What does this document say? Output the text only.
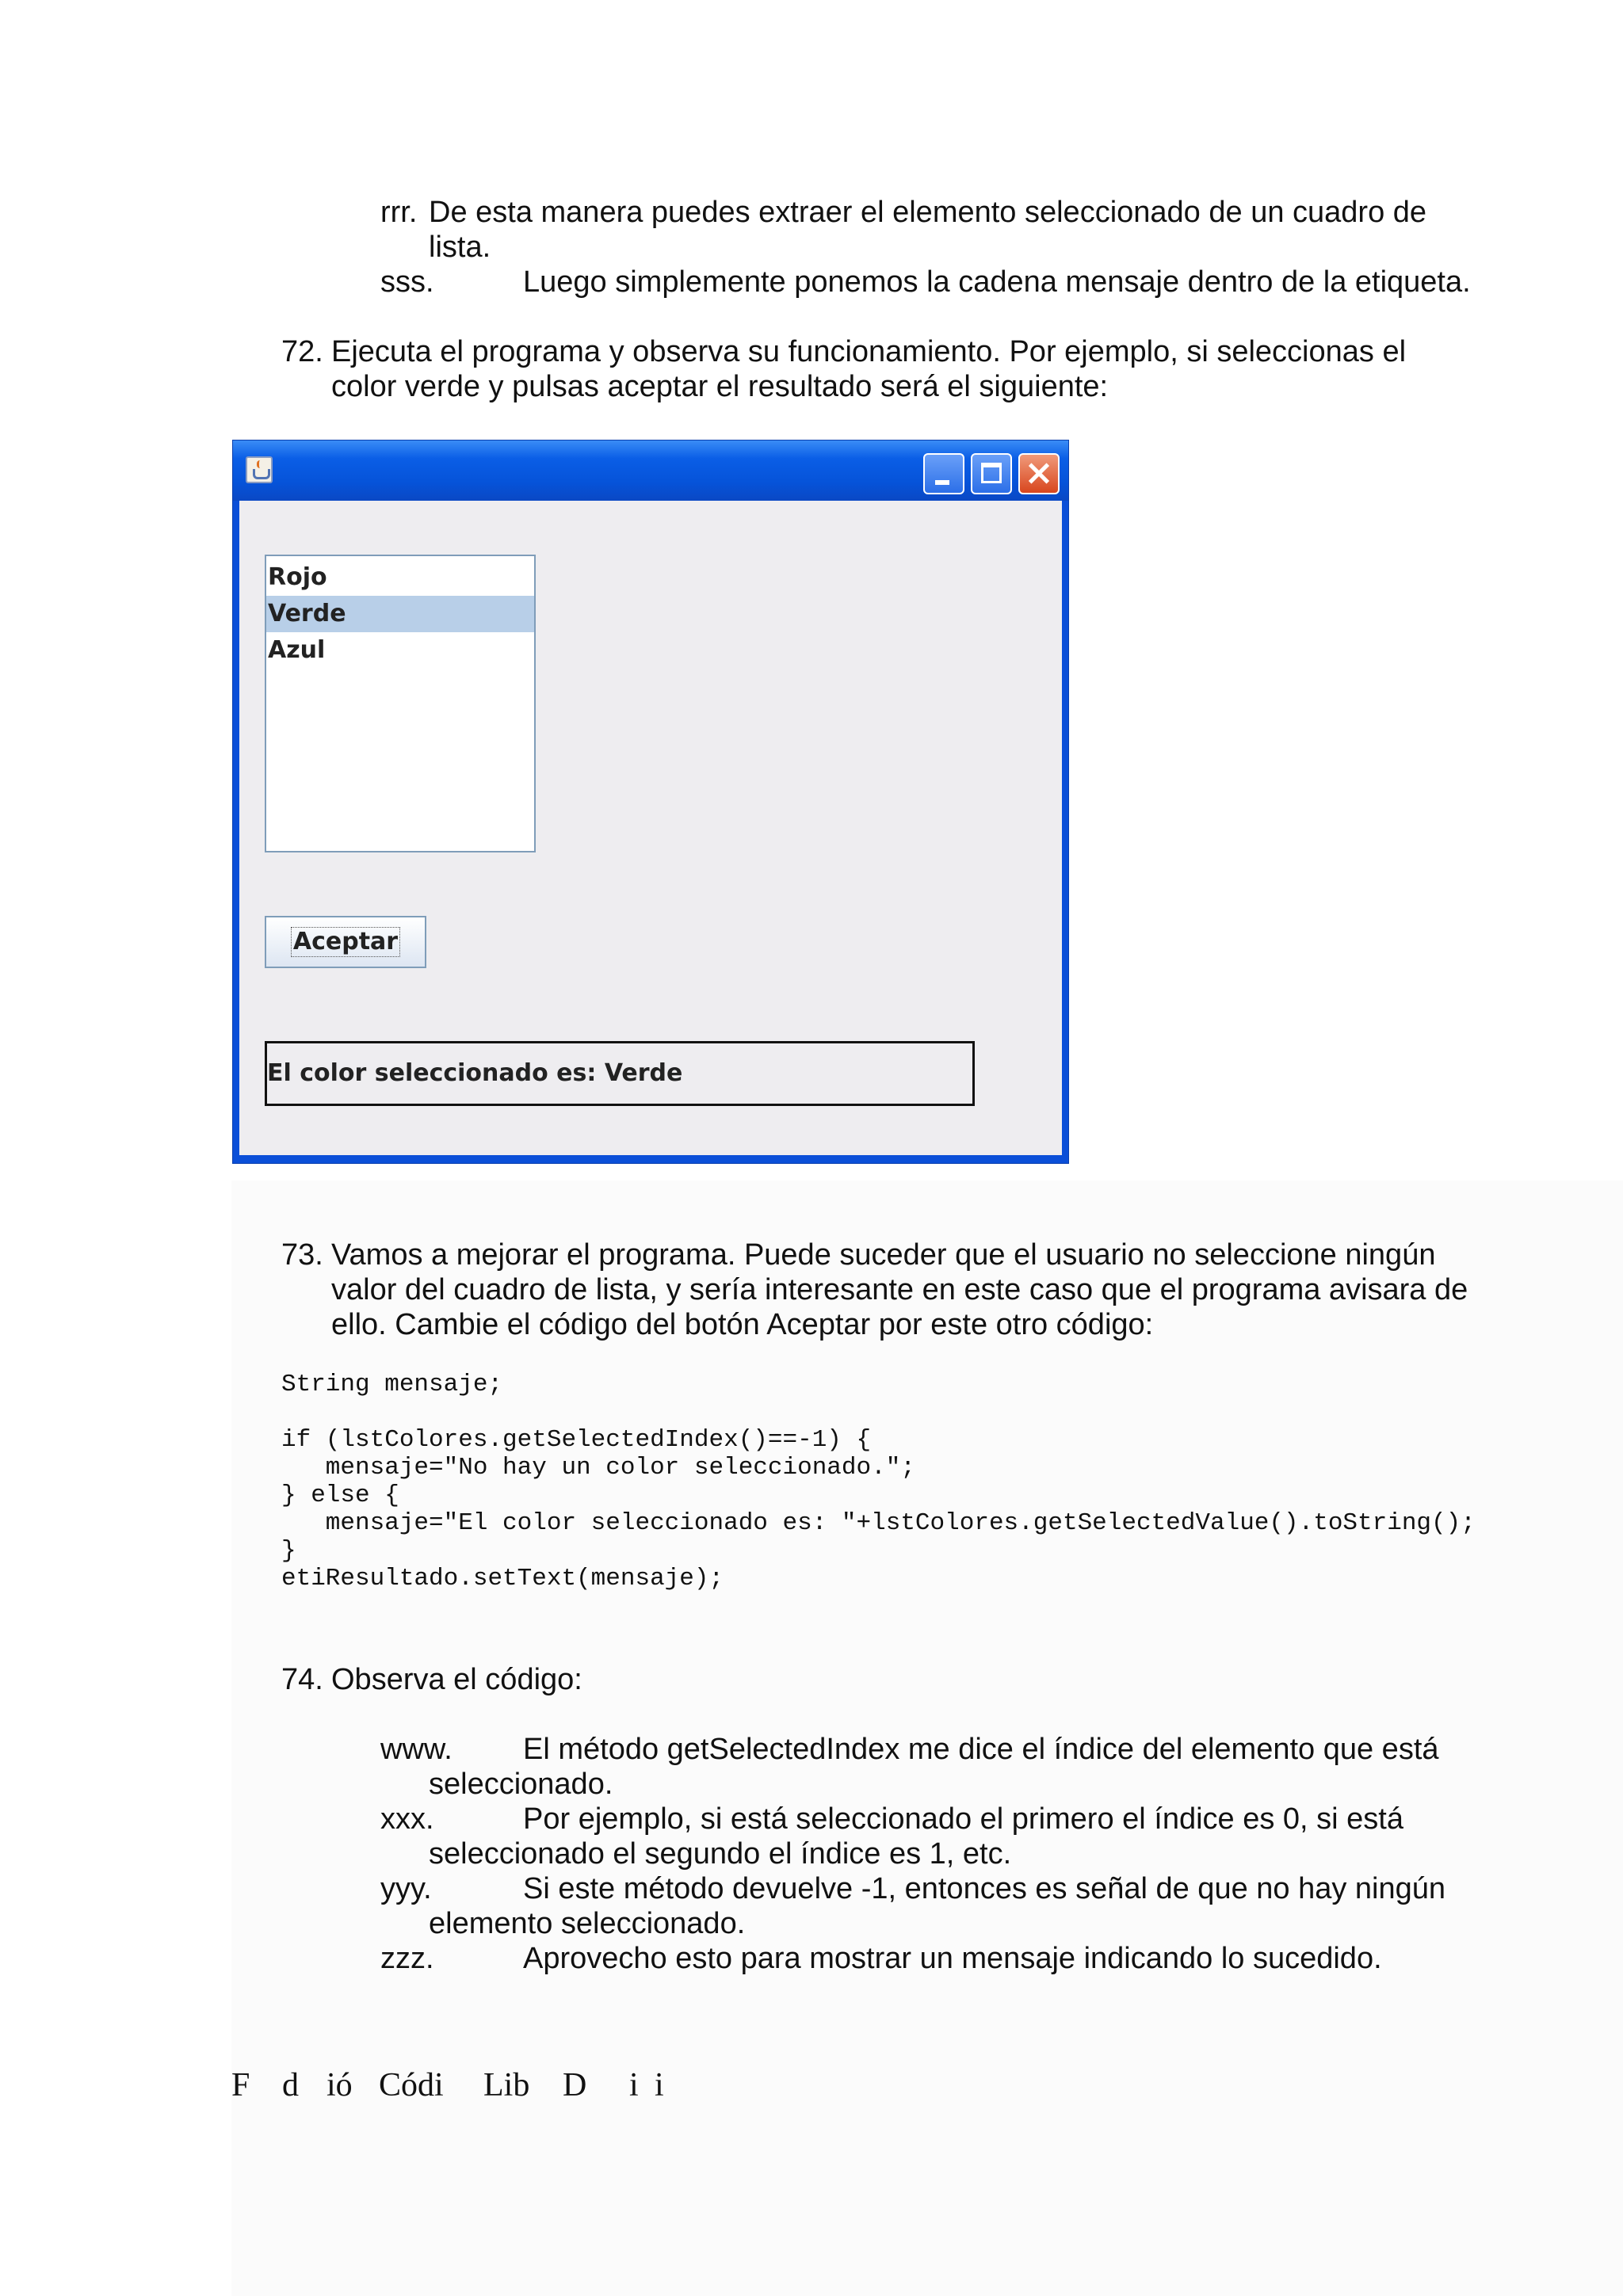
rrr. De esta manera puedes extraer el elemento seleccionado de un cuadro de
lista.
sss.	Luego simplemente ponemos la cadena mensaje dentro de la etiqueta.
72. Ejecuta el programa y observa su funcionamiento. Por ejemplo, si seleccionas el
color verde y pulsas aceptar el resultado será el siguiente:
Rojo
Verde
Azul
Aceptar
El color seleccionado es: Verde
73. Vamos a mejorar el programa. Puede suceder que el usuario no seleccione ningún
valor del cuadro de lista, y sería interesante en este caso que el programa avisara de
ello. Cambie el código del botón Aceptar por este otro código:
String mensaje;
if (lstColores.getSelectedIndex()==-1) {
mensaje="No hay un color seleccionado.";
} else {
mensaje="El color seleccionado es: "+lstColores.getSelectedValue().toString();
}
etiResultado.setText(mensaje);
74. Observa el código:
www. El método getSelectedIndex me dice el índice del elemento que está
seleccionado.
xxx.	Por ejemplo, si está seleccionado el primero el índice es 0, si está
seleccionado el segundo el índice es 1, etc.
yyy.	Si este método devuelve -1, entonces es señal de que no hay ningún
elemento seleccionado.
zzz.	Aprovecho esto para mostrar un mensaje indicando lo sucedido.
F d ió Códi Lib D i i
